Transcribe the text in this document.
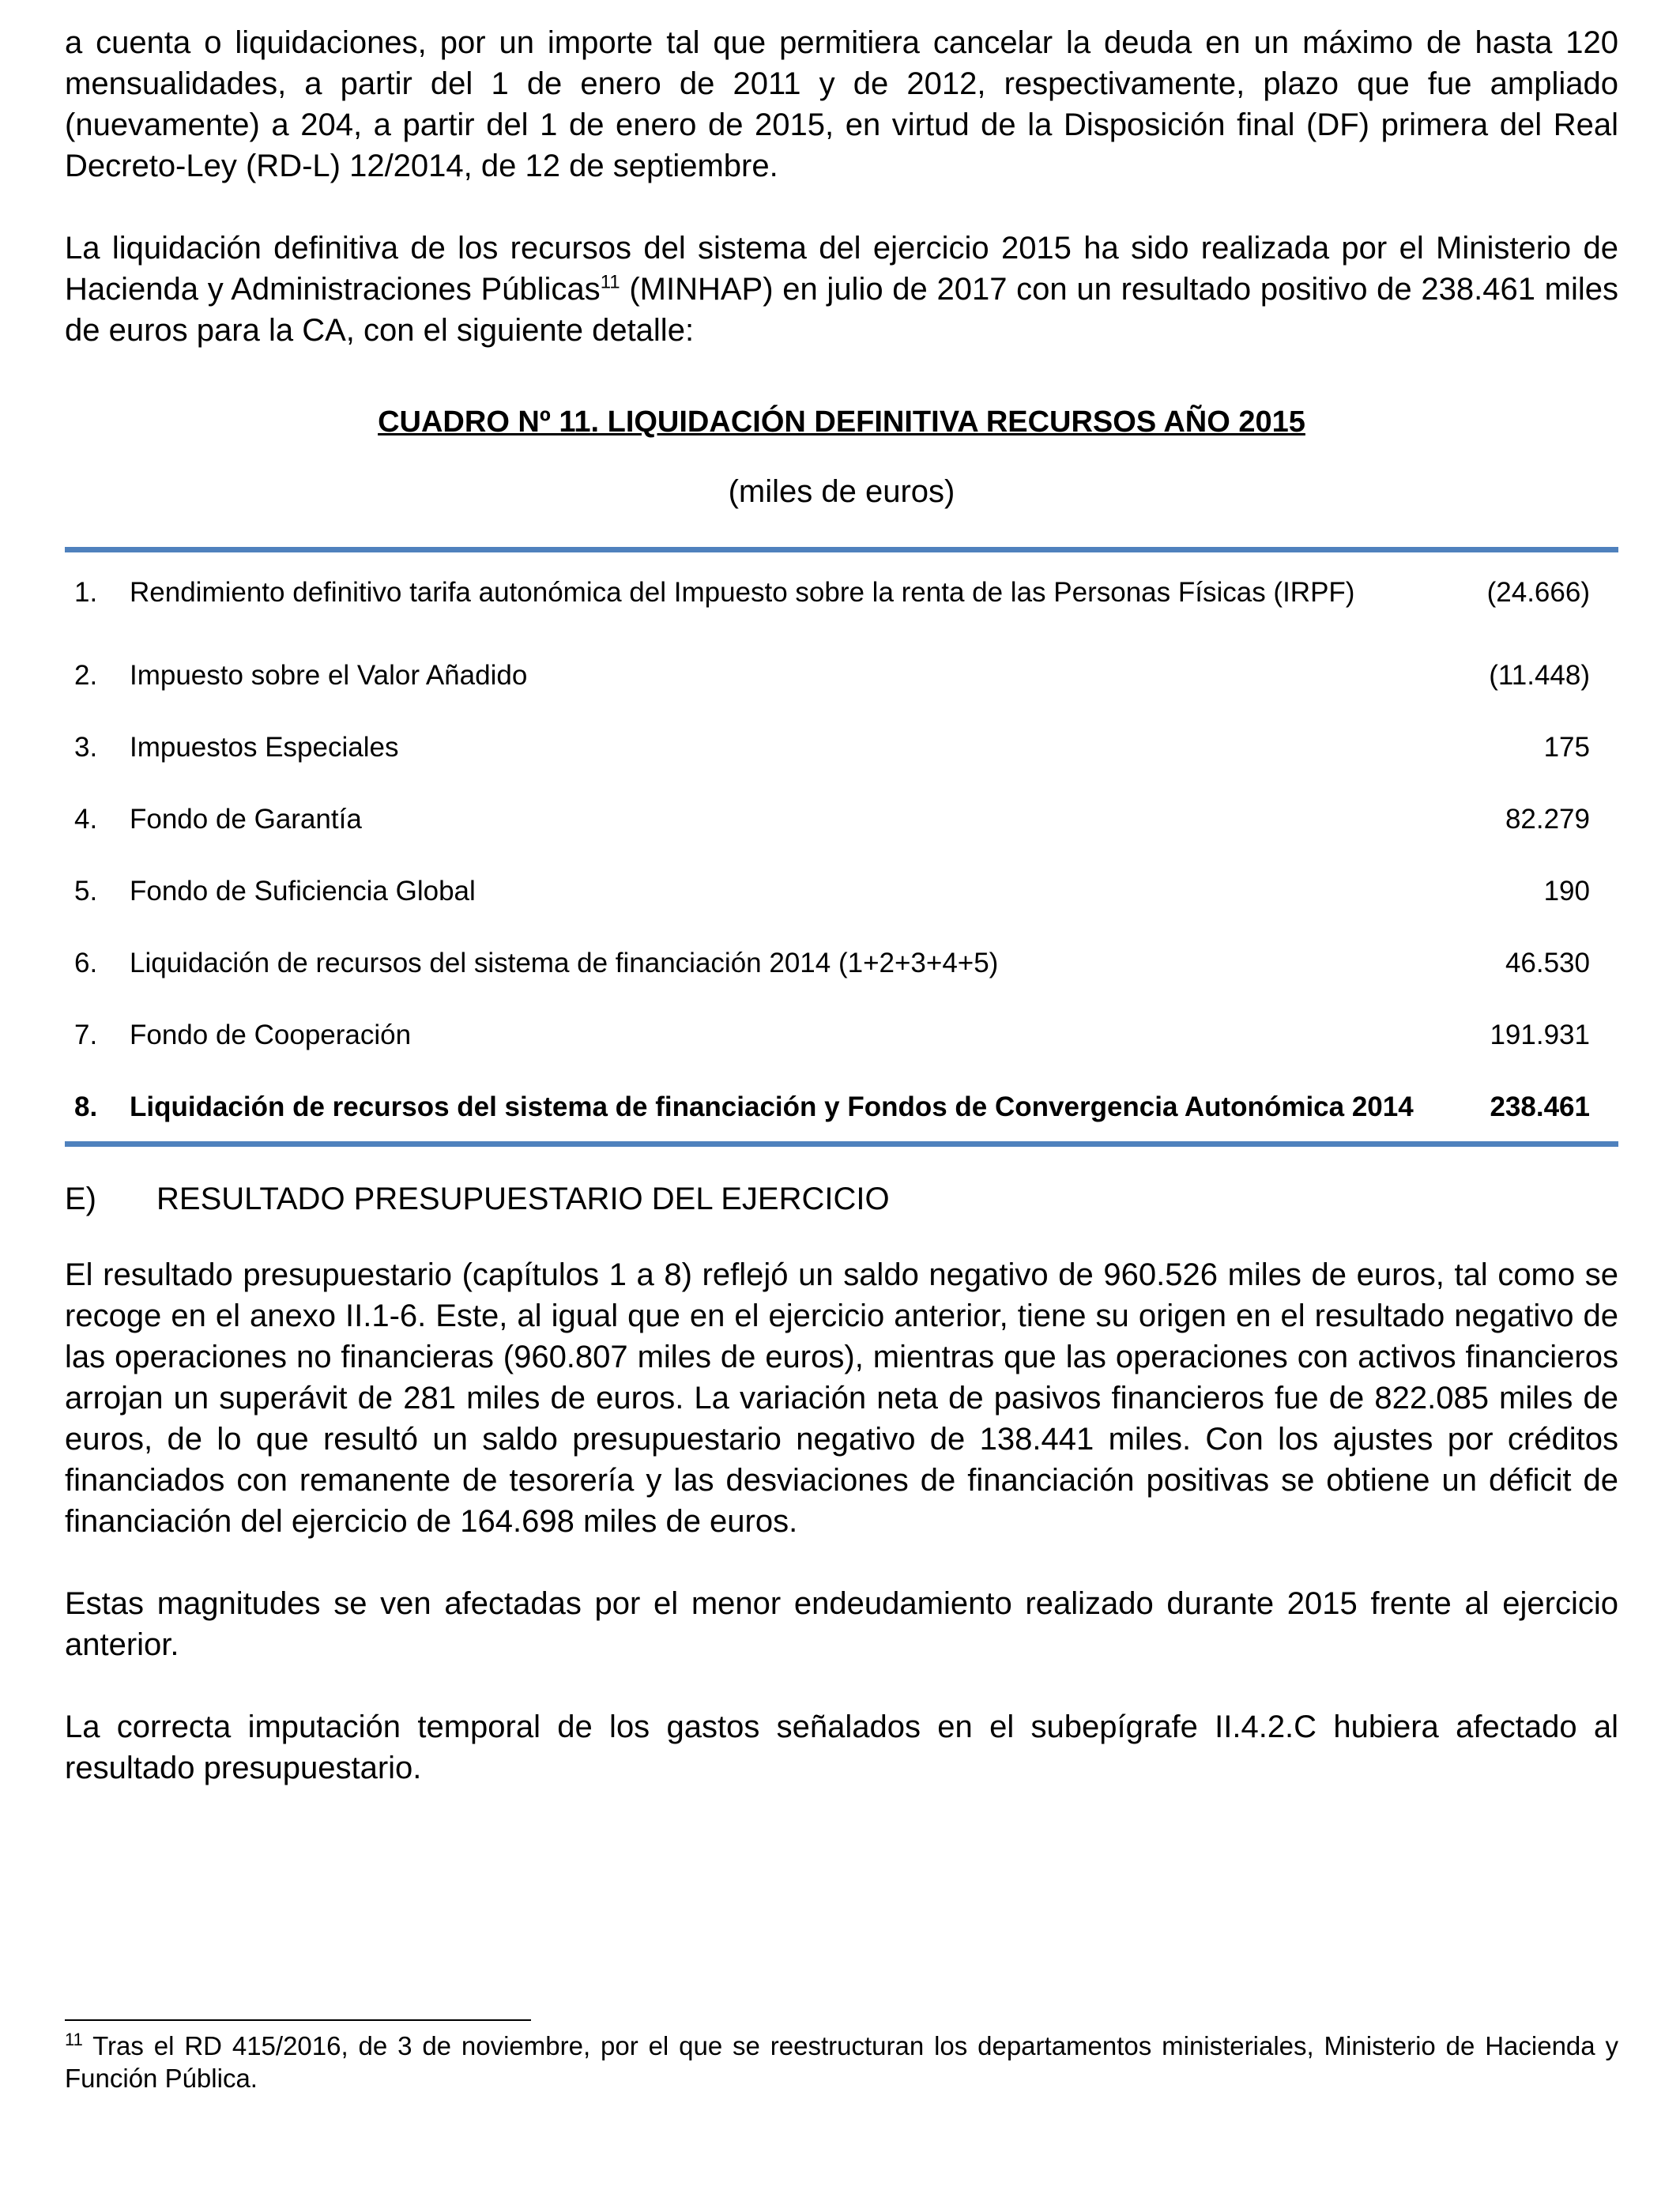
a cuenta o liquidaciones, por un importe tal que permitiera cancelar la deuda en un máximo de hasta 120 mensualidades, a partir del 1 de enero de 2011 y de 2012, respectivamente, plazo que fue ampliado (nuevamente) a 204, a partir del 1 de enero de 2015, en virtud de la Disposición final (DF) primera del Real Decreto-Ley (RD-L) 12/2014, de 12 de septiembre.

La liquidación definitiva de los recursos del sistema del ejercicio 2015 ha sido realizada por el Ministerio de Hacienda y Administraciones Públicas$^{11}$ (MINHAP) en julio de 2017 con un resultado positivo de 238.461 miles de euros para la CA, con el siguiente detalle:

CUADRO Nº 11. LIQUIDACIÓN DEFINITIVA RECURSOS AÑO 2015

(miles de euros)

1.	Rendimiento definitivo tarifa autonómica del Impuesto sobre la renta de las Personas Físicas (IRPF)	(24.666)
2.	Impuesto sobre el Valor Añadido	(11.448)
3.	Impuestos Especiales	175
4.	Fondo de Garantía	82.279
5.	Fondo de Suficiencia Global	190
6.	Liquidación de recursos del sistema de financiación 2014 (1+2+3+4+5)	46.530
7.	Fondo de Cooperación	191.931
8.	Liquidación de recursos del sistema de financiación y Fondos de Convergencia Autonómica 2014	238.461
E)	RESULTADO PRESUPUESTARIO DEL EJERCICIO

El resultado presupuestario (capítulos 1 a 8) reflejó un saldo negativo de 960.526 miles de euros, tal como se recoge en el anexo II.1-6. Este, al igual que en el ejercicio anterior, tiene su origen en el resultado negativo de las operaciones no financieras (960.807 miles de euros), mientras que las operaciones con activos financieros arrojan un superávit de 281 miles de euros. La variación neta de pasivos financieros fue de 822.085 miles de euros, de lo que resultó un saldo presupuestario negativo de 138.441 miles. Con los ajustes por créditos financiados con remanente de tesorería y las desviaciones de financiación positivas se obtiene un déficit de financiación del ejercicio de 164.698 miles de euros.

Estas magnitudes se ven afectadas por el menor endeudamiento realizado durante 2015 frente al ejercicio anterior.

La correcta imputación temporal de los gastos señalados en el subepígrafe II.4.2.C hubiera afectado al resultado presupuestario.

$^{11}$ Tras el RD 415/2016, de 3 de noviembre, por el que se reestructuran los departamentos ministeriales, Ministerio de Hacienda y Función Pública.
